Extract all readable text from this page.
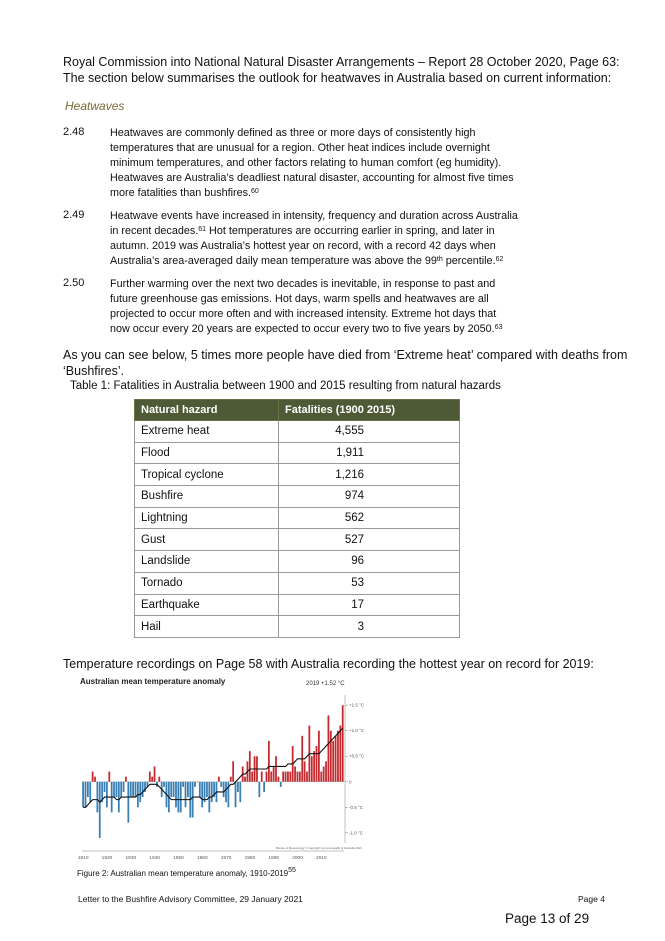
Royal Commission into National Natural Disaster Arrangements – Report 28 October 2020, Page 63:
The section below summarises the outlook for heatwaves in Australia based on current information:
Heatwaves
2.48 Heatwaves are commonly defined as three or more days of consistently high
temperatures that are unusual for a region. Other heat indices include overnight
minimum temperatures, and other factors relating to human comfort (eg humidity).
Heatwaves are Australia’s deadliest natural disaster, accounting for almost five times
more fatalities than bushfires.$^{60}$
2.49 Heatwave events have increased in intensity, frequency and duration across Australia
in recent decades.$^{61}$ Hot temperatures are occurring earlier in spring, and later in
autumn. 2019 was Australia’s hottest year on record, with a record 42 days when
Australia’s area-averaged daily mean temperature was above the 99th percentile.$^{62}$
2.50 Further warming over the next two decades is inevitable, in response to past and
future greenhouse gas emissions. Hot days, warm spells and heatwaves are all
projected to occur more often and with increased intensity. Extreme hot days that
now occur every 20 years are expected to occur every two to five years by 2050.63
As you can see below, 5 times more people have died from ‘Extreme heat’ compared with deaths from
‘Bushfires’.
Table 1: Fatalities in Australia between 1900 and 2015 resulting from natural hazards
Natural hazard	Fatalities (1900 2015)
Extreme heat	4,555
Flood	1,911
Tropical cyclone	1,216
Bushfire	974
Lightning	562
Gust	527
Landslide	96
Tornado	53
Earthquake	17
Hail	3
Temperature recordings on Page 58 with Australia recording the hottest year on record for 2019:
Australian mean temperature anomaly	2019 +1.52 °C
Bureau of Meteorology © Copyright Commonwealth of Australia 2019
+1.5 °C
+1.0 °C
+0.5 °C
0
-0.5 °C
-1.0 °C
1910	1920	1930	1940	1950	1960	1970	1980	1990	2000	2010
Figure 2: Australian mean temperature anomaly, 1910-2019$^{55}$
Letter to the Bushfire Advisory Committee, 29 January 2021	Page 4
Page 13 of 29
